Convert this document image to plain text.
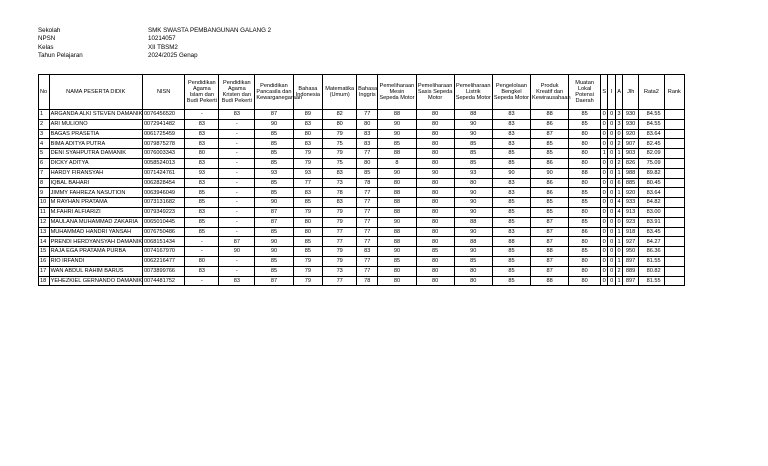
Sekolah	SMK SWASTA PEMBANGUNAN GALANG 2
NPSN	10214057
Kelas	XII TBSM2
Tahun Pelajaran	2024/2025 Genap
No	NAMA PESERTA DIDIK	NISN	Pendidikan Agama Islam dan Budi Pekerti	Pendidikan Agama Kristen dan Budi Pekerti	Pendidikan Pancasila dan Kewarganegaraan	Bahasa Indonesia	Matematika (Umum)	Bahasa Inggris	Pemeliharaan Mesin Sepeda Motor	Pemeliharaan Sasis Sepeda Motor	Pemeliharaan Listrik Sepeda Motor	Pengelolaan Bengkel Sepeda Motor	Produk Kreatif dan Kewirausahaan	Muatan Lokal Potensi Daerah	S	I	A	Jlh	Rata2	Rank
1	ARGANDA ALKI STEVEN DAMANIK	0076456520	-	83	87	89	82	77	88	80	88	83	88	85	0	0	3	930	84.55	
2	ARI MULIONO	0072941482	83	-	90	83	80	80	90	80	90	83	86	85	0	0	3	930	84.55	
3	BAGAS PRASETIA	0061725459	83	-	85	80	79	83	90	80	90	83	87	80	0	0	0	920	83.64	
4	BIMA ADITYA PUTRA	0079875278	83	-	85	83	75	83	85	80	85	83	85	80	0	0	2	907	82.45	
5	DENI SYAHPUTRA DAMANIK	0076003343	80	-	85	79	79	77	88	80	85	85	85	80	1	0	1	903	82.09	
6	DICKY ADITYA	0058524013	83	-	85	79	75	80	8	80	85	85	86	80	0	0	2	826	75.09	
7	HARDY FIRANSYAH	0071424761	93	-	93	93	83	85	90	90	93	90	90	88	0	0	1	988	89.82	
8	IQBAL BAHARI	0062828454	83	-	85	77	73	78	80	80	80	83	86	80	0	0	6	885	80.45	
9	JIMMY FAHREZA NASUTION	0063946049	85	-	85	83	78	77	88	80	90	83	86	85	0	0	1	920	83.64	
10	M RAYHAN PRATAMA	0073131682	85	-	90	85	83	77	88	80	90	85	85	85	0	0	4	933	84.82	
11	M.FAHRI ALFIARIZI	0079349223	83	-	87	79	79	77	88	80	90	85	85	80	0	0	4	913	83.00	
12	MAULANA MUHAMMAD ZAKARIA	0065010445	85	-	87	80	79	77	90	80	88	85	87	85	0	0	0	923	83.91	
13	MUHAMMAD HANDRI YANSAH	0076750486	85	-	85	80	77	77	88	80	90	83	87	86	0	0	1	918	83.45	
14	PRENDI HERDYANSYAH DAMANIK	0068151434	-	87	90	85	77	77	88	80	88	88	87	80	0	0	1	927	84.27	
15	RAJA EGA PRATAMA PURBA	0074167970	-	90	90	85	79	83	90	85	90	85	88	85	0	0	0	950	86.36	
16	RIO IRFANDI	0062216477	80	-	85	79	79	77	85	80	85	85	87	80	0	0	1	897	81.55	
17	WAN ABDUL RAHIM BARUS	0073899766	83	-	85	79	73	77	80	80	80	85	87	80	0	0	2	889	80.82	
18	YEHEZKIEL GERNANDO DAMANIK	0074481752	-	83	87	79	77	78	80	80	80	85	88	80	0	0	1	897	81.55	
